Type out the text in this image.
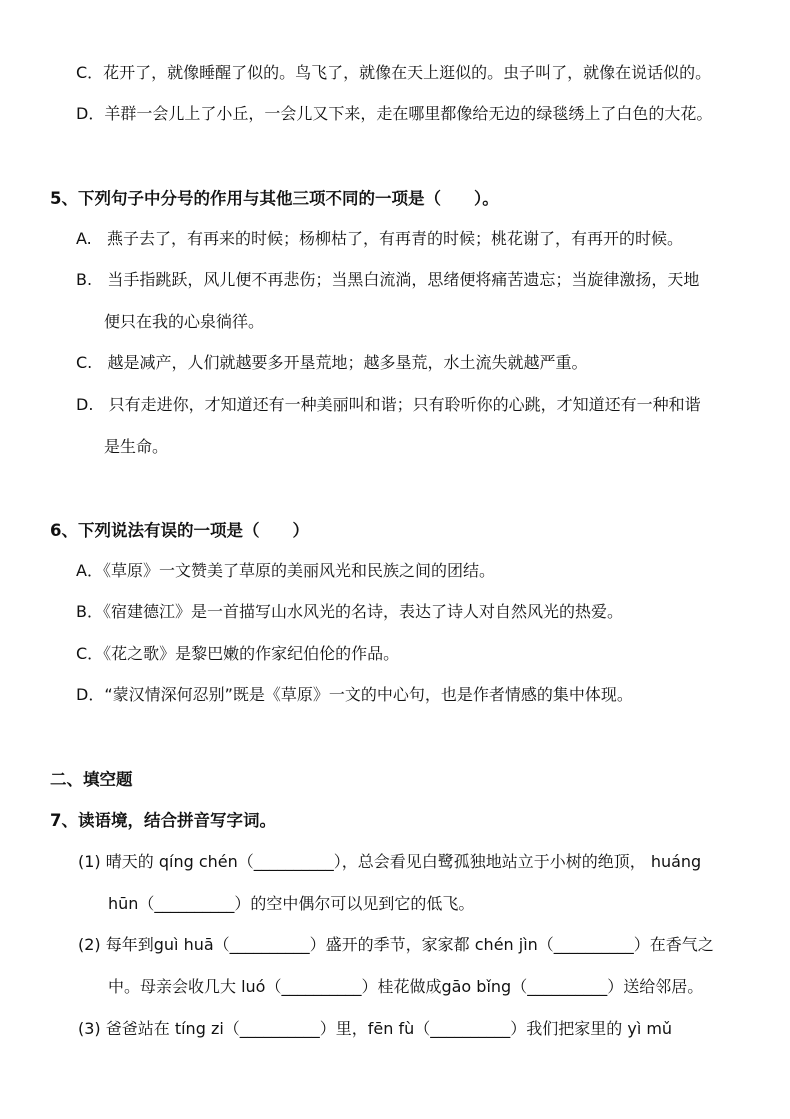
C．花开了，就像睡醒了似的。鸟飞了，就像在天上逛似的。虫子叫了，就像在说话似的。
D．羊群一会儿上了小丘，一会儿又下来，走在哪里都像给无边的绿毯绣上了白色的大花。
5、下列句子中分号的作用与其他三项不同的一项是（　　）。
A.   燕子去了，有再来的时候；杨柳枯了，有再青的时候；桃花谢了，有再开的时候。
B.   当手指跳跃，风儿便不再悲伤；当黑白流淌，思绪便将痛苦遗忘；当旋律激扬，天地
便只在我的心泉徜徉。
C.   越是减产，人们就越要多开垦荒地；越多垦荒，水土流失就越严重。
D.   只有走进你，才知道还有一种美丽叫和谐；只有聆听你的心跳，才知道还有一种和谐
是生命。
6、下列说法有误的一项是（　　）
A．《草原》一文赞美了草原的美丽风光和民族之间的团结。
B．《宿建德江》是一首描写山水风光的名诗，表达了诗人对自然风光的热爱。
C．《花之歌》是黎巴嫩的作家纪伯伦的作品。
D．“蒙汉情深何忍别”既是《草原》一文的中心句，也是作者情感的集中体现。
二、填空题
7、读语境，结合拼音写字词。
(1) 晴天的 qíng chén（__________），总会看见白鹭孤独地站立于小树的绝顶， huáng
hūn（__________）的空中偶尔可以见到它的低飞。
(2) 每年到guì huā（__________）盛开的季节，家家都 chén jìn（__________）在香气之
中。母亲会收几大 luó（__________）桂花做成gāo bǐng（__________）送给邻居。
(3) 爸爸站在 tíng zi（__________）里，fēn fù（__________）我们把家里的 yì mǔ
